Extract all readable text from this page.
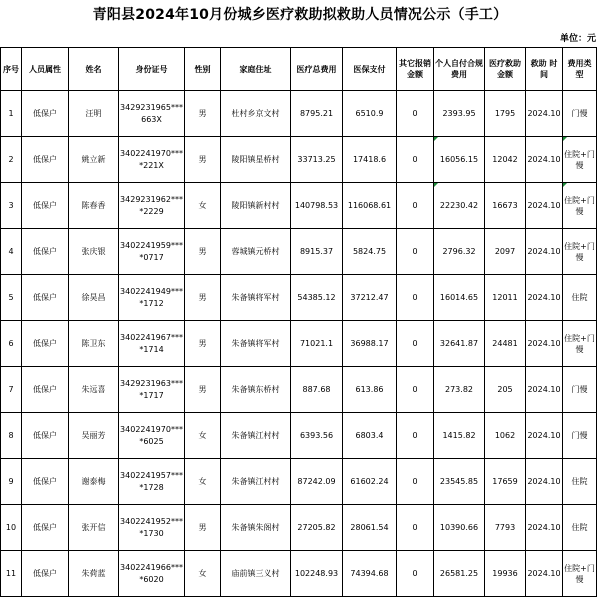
青阳县2024年10月份城乡医疗救助拟救助人员情况公示（手工）
单位：元
序号	人员属性	姓名	身份证号	性别	家庭住址	医疗总费用	医保支付	其它报销金额	个人自付合规费用	医疗救助金额	救助 时间	费用类型
1	低保户	汪明	3429231965***663X	男	杜村乡京文村	8795.21	6510.9	0	2393.95	1795	2024.10	门慢
2	低保户	姚立新	3402241970****221X	男	陵阳镇星桥村	33713.25	17418.6	0	16056.15	12042	2024.10	住院+门慢
3	低保户	陈春香	3429231962****2229	女	陵阳镇新村村	140798.53	116068.61	0	22230.42	16673	2024.10	住院+门慢
4	低保户	张庆银	3402241959****0717	男	蓉城镇元桥村	8915.37	5824.75	0	2796.32	2097	2024.10	住院+门慢
5	低保户	徐昊昌	3402241949****1712	男	朱备镇将军村	54385.12	37212.47	0	16014.65	12011	2024.10	住院
6	低保户	陈卫东	3402241967****1714	男	朱备镇将军村	71021.1	36988.17	0	32641.87	24481	2024.10	住院+门慢
7	低保户	朱远喜	3429231963****1717	男	朱备镇东桥村	887.68	613.86	0	273.82	205	2024.10	门慢
8	低保户	吴丽芳	3402241970****6025	女	朱备镇江村村	6393.56	6803.4	0	1415.82	1062	2024.10	门慢
9	低保户	谢泰梅	3402241957****1728	女	朱备镇江村村	87242.09	61602.24	0	23545.85	17659	2024.10	住院
10	低保户	张开信	3402241952****1730	男	朱备镇朱阁村	27205.82	28061.54	0	10390.66	7793	2024.10	住院
11	低保户	朱荷蓝	3402241966****6020	女	庙前镇三义村	102248.93	74394.68	0	26581.25	19936	2024.10	住院+门慢
